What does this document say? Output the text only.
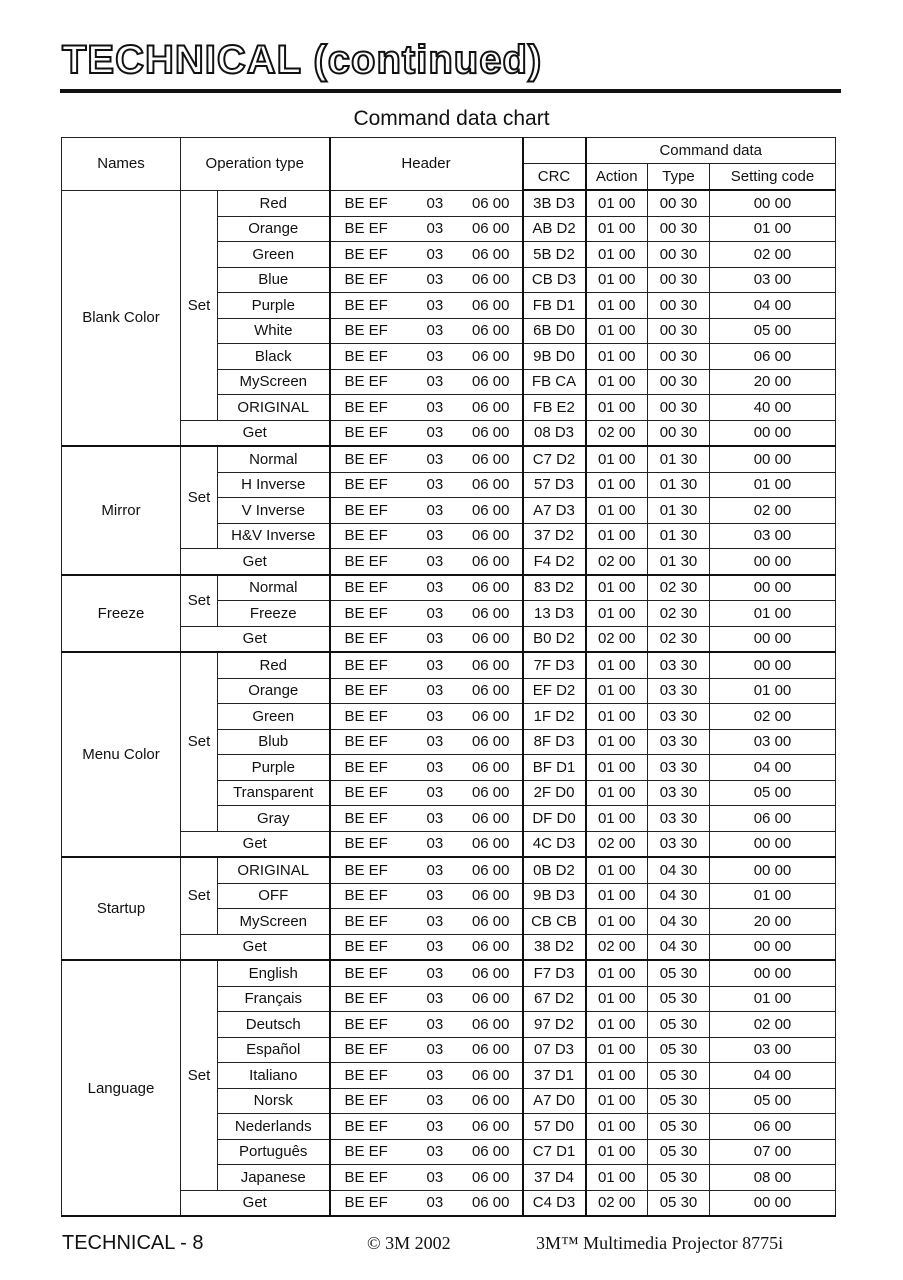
TECHNICAL (continued)
Command data chart
Names	Operation type		Header		Command data		
				CRC	Action	Type	Setting code
Blank Color	Set	Red	BE EF 03 06 00	3B D3	01 00	00 30	00 00
		Orange	BE EF 03 06 00	AB D2	01 00	00 30	01 00
		Green	BE EF 03 06 00	5B D2	01 00	00 30	02 00
		Blue	BE EF 03 06 00	CB D3	01 00	00 30	03 00
		Purple	BE EF 03 06 00	FB D1	01 00	00 30	04 00
		White	BE EF 03 06 00	6B D0	01 00	00 30	05 00
		Black	BE EF 03 06 00	9B D0	01 00	00 30	06 00
		MyScreen	BE EF 03 06 00	FB CA	01 00	00 30	20 00
		ORIGINAL	BE EF 03 06 00	FB E2	01 00	00 30	40 00
	Get		BE EF 03 06 00	08 D3	02 00	00 30	00 00
Mirror	Set	Normal	BE EF 03 06 00	C7 D2	01 00	01 30	00 00
		H Inverse	BE EF 03 06 00	57 D3	01 00	01 30	01 00
		V Inverse	BE EF 03 06 00	A7 D3	01 00	01 30	02 00
		H&V Inverse	BE EF 03 06 00	37 D2	01 00	01 30	03 00
	Get		BE EF 03 06 00	F4 D2	02 00	01 30	00 00
Freeze	Set	Normal	BE EF 03 06 00	83 D2	01 00	02 30	00 00
		Freeze	BE EF 03 06 00	13 D3	01 00	02 30	01 00
	Get		BE EF 03 06 00	B0 D2	02 00	02 30	00 00
Menu Color	Set	Red	BE EF 03 06 00	7F D3	01 00	03 30	00 00
		Orange	BE EF 03 06 00	EF D2	01 00	03 30	01 00
		Green	BE EF 03 06 00	1F D2	01 00	03 30	02 00
		Blub	BE EF 03 06 00	8F D3	01 00	03 30	03 00
		Purple	BE EF 03 06 00	BF D1	01 00	03 30	04 00
		Transparent	BE EF 03 06 00	2F D0	01 00	03 30	05 00
		Gray	BE EF 03 06 00	DF D0	01 00	03 30	06 00
	Get		BE EF 03 06 00	4C D3	02 00	03 30	00 00
Startup	Set	ORIGINAL	BE EF 03 06 00	0B D2	01 00	04 30	00 00
		OFF	BE EF 03 06 00	9B D3	01 00	04 30	01 00
		MyScreen	BE EF 03 06 00	CB CB	01 00	04 30	20 00
	Get		BE EF 03 06 00	38 D2	02 00	04 30	00 00
Language	Set	English	BE EF 03 06 00	F7 D3	01 00	05 30	00 00
		Français	BE EF 03 06 00	67 D2	01 00	05 30	01 00
		Deutsch	BE EF 03 06 00	97 D2	01 00	05 30	02 00
		Español	BE EF 03 06 00	07 D3	01 00	05 30	03 00
		Italiano	BE EF 03 06 00	37 D1	01 00	05 30	04 00
		Norsk	BE EF 03 06 00	A7 D0	01 00	05 30	05 00
		Nederlands	BE EF 03 06 00	57 D0	01 00	05 30	06 00
		Português	BE EF 03 06 00	C7 D1	01 00	05 30	07 00
		Japanese	BE EF 03 06 00	37 D4	01 00	05 30	08 00
	Get		BE EF 03 06 00	C4 D3	02 00	05 30	00 00
TECHNICAL - 8	© 3M 2002	3M™ Multimedia Projector 8775i
